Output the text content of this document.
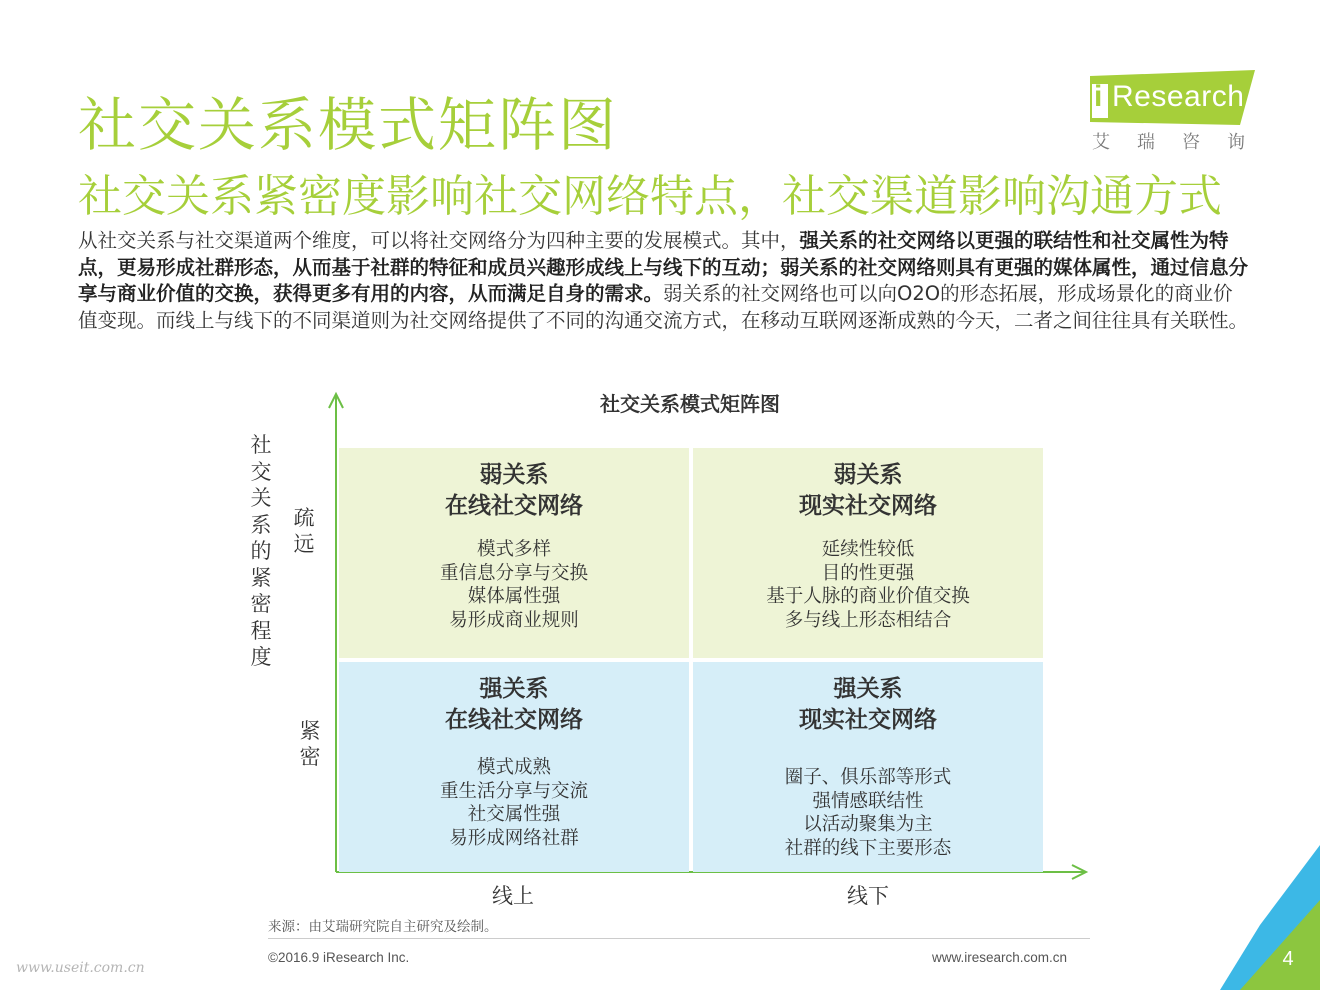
社交关系模式矩阵图
社交关系紧密度影响社交网络特点，社交渠道影响沟通方式
i Research
艾瑞咨询
从社交关系与社交渠道两个维度，可以将社交网络分为四种主要的发展模式。其中，强关系的社交网络以更强的联结性和社交属性为特点，更易形成社群形态，从而基于社群的特征和成员兴趣形成线上与线下的互动；弱关系的社交网络则具有更强的媒体属性，通过信息分享与商业价值的交换，获得更多有用的内容，从而满足自身的需求。弱关系的社交网络也可以向O2O的形态拓展，形成场景化的商业价值变现。而线上与线下的不同渠道则为社交网络提供了不同的沟通交流方式，在移动互联网逐渐成熟的今天，二者之间往往具有关联性。
社交关系模式矩阵图
社
交
关
系
的
紧
密
程
度
疏
远
紧
密
弱关系
在线社交网络
模式多样
重信息分享与交换
媒体属性强
易形成商业规则
弱关系
现实社交网络
延续性较低
目的性更强
基于人脉的商业价值交换
多与线上形态相结合
强关系
在线社交网络
模式成熟
重生活分享与交流
社交属性强
易形成网络社群
强关系
现实社交网络
圈子、俱乐部等形式
强情感联结性
以活动聚集为主
社群的线下主要形态
线上	线下
来源：由艾瑞研究院自主研究及绘制。
©2016.9 iResearch Inc.	www.iresearch.com.cn
www.useit.com.cn	4
